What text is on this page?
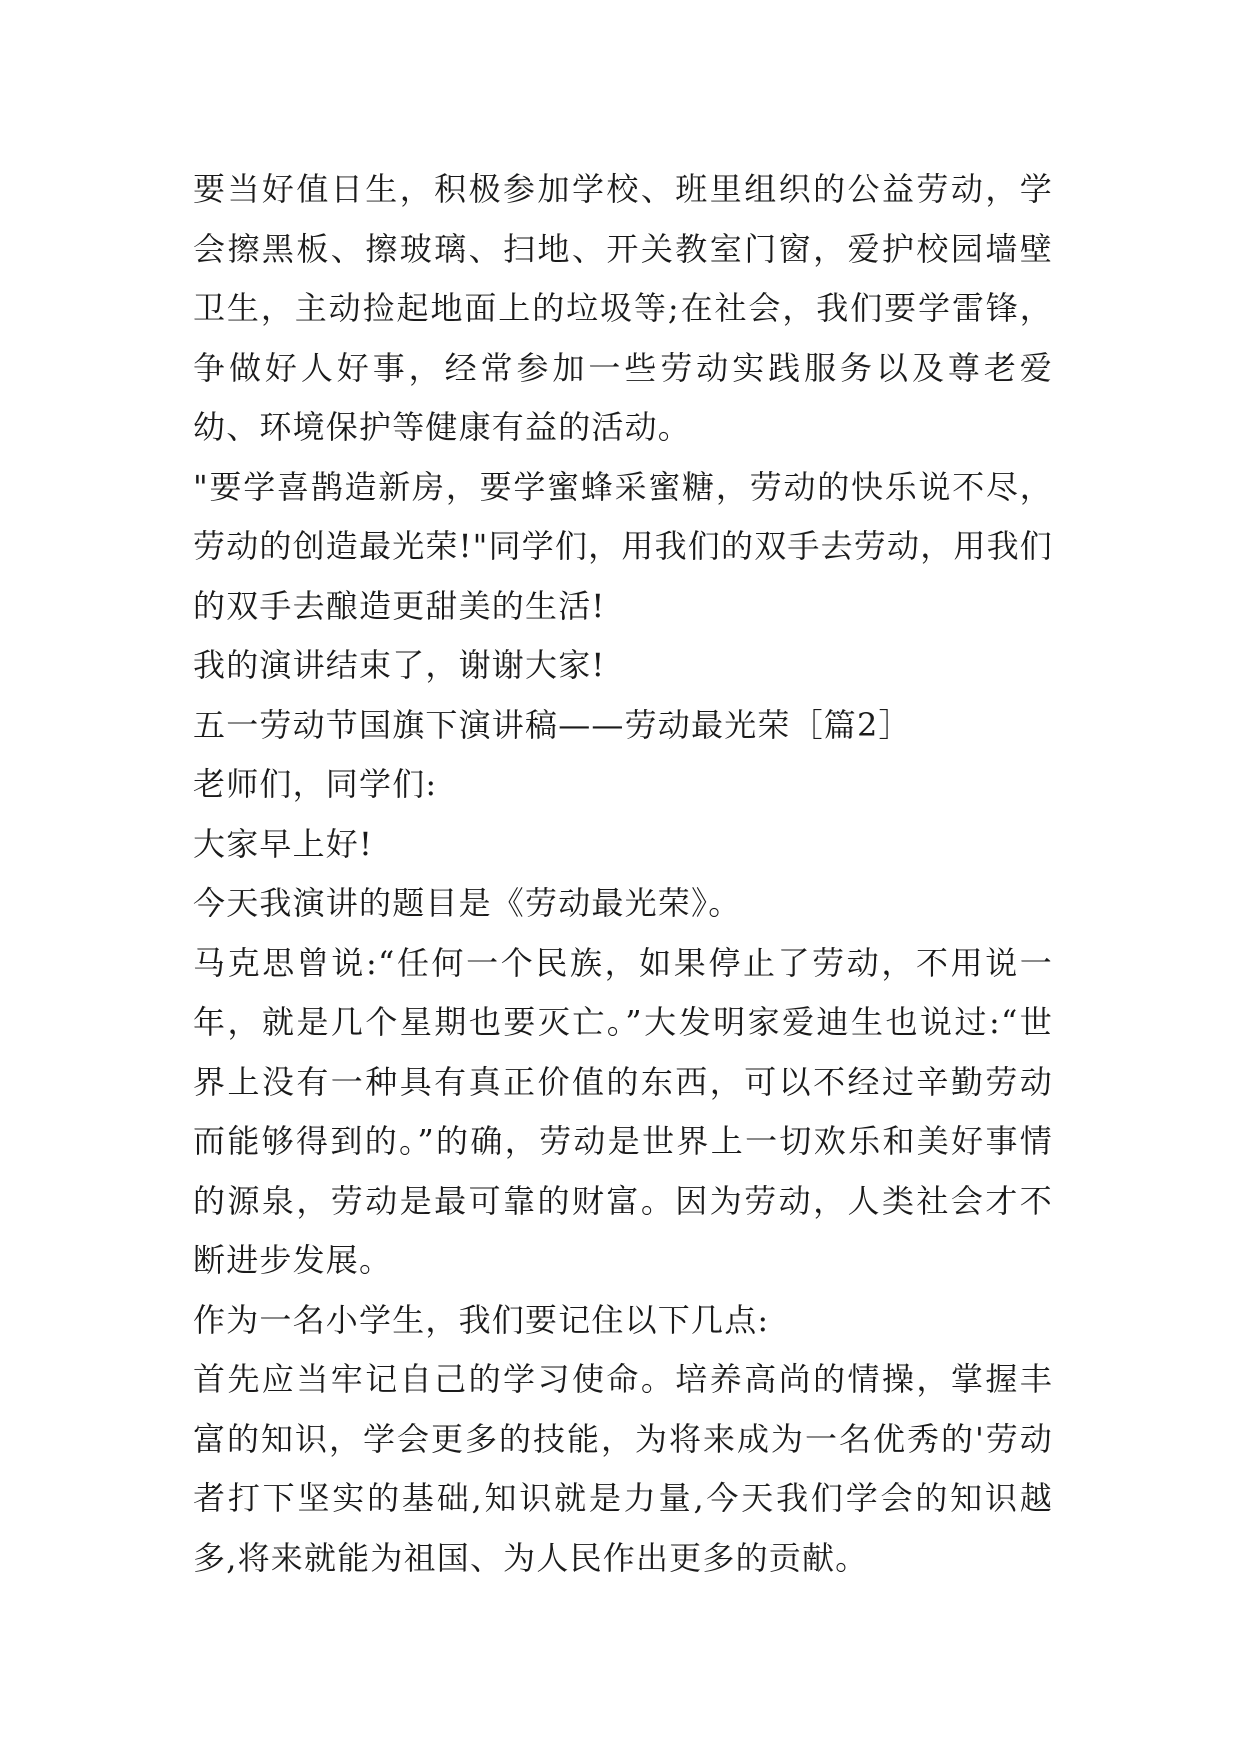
要当好值日生，积极参加学校、班里组织的公益劳动，学会擦黑板、擦玻璃、扫地、开关教室门窗，爱护校园墙壁卫生，主动捡起地面上的垃圾等;在社会，我们要学雷锋，争做好人好事，经常参加一些劳动实践服务以及尊老爱幼、环境保护等健康有益的活动。

"要学喜鹊造新房，要学蜜蜂采蜜糖，劳动的快乐说不尽，劳动的创造最光荣!"同学们，用我们的双手去劳动，用我们的双手去酿造更甜美的生活!

我的演讲结束了，谢谢大家!

五一劳动节国旗下演讲稿——劳动最光荣［篇2］

老师们，同学们:

大家早上好!

今天我演讲的题目是《劳动最光荣》。

马克思曾说:“任何一个民族，如果停止了劳动，不用说一年，就是几个星期也要灭亡。”大发明家爱迪生也说过:“世界上没有一种具有真正价值的东西，可以不经过辛勤劳动而能够得到的。”的确，劳动是世界上一切欢乐和美好事情的源泉，劳动是最可靠的财富。因为劳动，人类社会才不断进步发展。

作为一名小学生，我们要记住以下几点:

首先应当牢记自己的学习使命。培养高尚的情操，掌握丰富的知识，学会更多的技能，为将来成为一名优秀的'劳动者打下坚实的基础,知识就是力量,今天我们学会的知识越多,将来就能为祖国、为人民作出更多的贡献。
